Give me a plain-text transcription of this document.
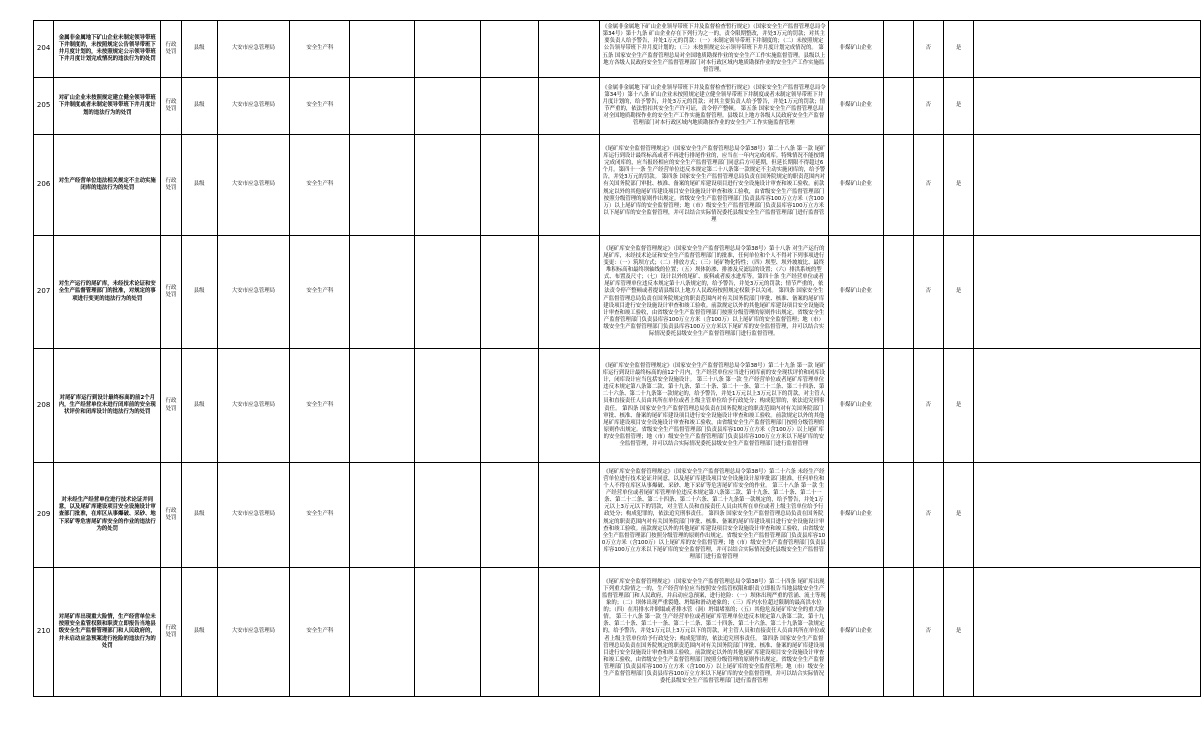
204	金属非金属地下矿山企业未制定领导带班下井制度的，未按照规定公告领导带班下井月度计划的，未按照规定公示领导带班下井月度计划完成情况的违法行为的处罚	行政处罚	县级	大安市应急管理局	安全生产科					《金属非金属地下矿山企业领导带班下井及监督检查暂行规定》（国家安全生产监督管理总局令第34号）第十九条 矿山企业存在下列行为之一的，责令限期整改，并处3万元的罚款；对其主要负责人给予警告，并处1万元的罚款：（一）未制定领导带班下井制度的；（二）未按照规定公告领导带班下井月度计划的；（三）未按照规定公示领导带班下井月度计划完成情况的。 第五条 国家安全生产监督管理总局对全国地质勘探作业的安全生产工作实施监督管理。县级以上地方各级人民政府安全生产监督管理部门对本行政区域内地质勘探作业的安全生产工作实施监督管理。	非煤矿山企业		否	是	
205	对矿山企业未按照规定建立健全领导带班下井制度或者未制定领导带班下井月度计划的违法行为的处罚	行政处罚	县级	大安市应急管理局	安全生产科					《金属非金属地下矿山企业领导带班下井及监督检查暂行规定》（国家安全生产监督管理总局令第34号）第十八条 矿山企业未按照规定建立健全领导带班下井制度或者未制定领导带班下井月度计划的，给予警告，并处3万元的罚款；对其主要负责人给予警告，并处1万元的罚款；情节严重的，依法暂扣其安全生产许可证，责令停产整顿。 第五条 国家安全生产监督管理总局对全国地质勘探作业的安全生产工作实施监督管理。县级以上地方各级人民政府安全生产监督管理部门对本行政区域内地质勘探作业的安全生产工作实施监督管理	非煤矿山企业		否	是	
206	对生产经营单位违法相关规定不主动实施闭库的违法行为的处罚	行政处罚	县级	大安市应急管理局	安全生产科					《尾矿库安全监督管理规定》（国家安全生产监督管理总局令第38号）第二十八条 第一款 尾矿库运行到设计最终标高或者不再进行排尾作业的，应当在一年内完成闭库。特殊情况不能按期完成闭库的，应当报经相应的安全生产监督管理部门同意后方可延期，但延长期限不得超过6个月。第四十一条 生产经营单位违反本规定第二十八条第一款规定不主动实施闭库的，给予警告，并处3万元的罚款。 第四条 国家安全生产监督管理总局负责在国务院规定的职责范围内对有关国务院部门审批、核准、备案的尾矿库建设项目进行安全设施设计审查和竣工验收。前款规定以外的其他尾矿库建设项目安全设施设计审查和竣工验收，由省级安全生产监督管理部门按照分级管理的原则作出规定。省级安全生产监督管理部门负责县库容100万立方米（含100万）以上尾矿库的安全监督管理；地（市）级安全生产监督管理部门负责县库容100万立方米以下尾矿库的安全监督管理，并可以结合实际情况委托县级安全生产监督管理部门进行监督管理	非煤矿山企业		否	是	
207	对生产运行的尾矿库，未经技术论证和安全生产监督管理部门的批准，对规定的事项进行变更的违法行为的处罚	行政处罚	县级	大安市应急管理局	安全生产科					《尾矿库安全监督管理规定》（国家安全生产监督管理总局令第38号）第十八条 对生产运行的尾矿库，未经技术论证和安全生产监督管理部门的批准，任何单位和个人不得对下列事项进行变更：（一）筑坝方式；（二）排放方式；（三）尾矿物化特性；（四）坝型、坝外坡坡比、最终堆积标高和最终坝轴线的位置；（五）坝体防渗、排渗及反滤层的设置；（六）排洪系统的型式、布置及尺寸；（七）设计以外的尾矿、废料或者废水进库等。第四十条 生产经营单位或者尾矿库管理单位违反本规定第十八条规定的，给予警告，并处3万元的罚款；情节严重的，依法责令停产整顿或者提请县级以上地方人民政府按照规定权限予以关闭。 第四条 国家安全生产监督管理总局负责在国务院规定的职责范围内对有关国务院部门审批、核准、备案的尾矿库建设项目进行安全设施设计审查和竣工验收。前款规定以外的其他尾矿库建设项目安全设施设计审查和竣工验收，由省级安全生产监督管理部门按照分级管理的原则作出规定。省级安全生产监督管理部门负责县库容100万立方米（含100万）以上尾矿库的安全监督管理；地（市）级安全生产监督管理部门负责县库容100万立方米以下尾矿库的安全监督管理，并可以结合实际情况委托县级安全生产监督管理部门进行监督管理。	非煤矿山企业		否	是	
208	对尾矿库运行到设计最终标高的前2个月内，生产经营单位未进行闭库前的安全现状评价和闭库设计的违法行为的处罚	行政处罚	县级	大安市应急管理局	安全生产科					《尾矿库安全监督管理规定》（国家安全生产监督管理总局令第38号）第二十九条 第一款 尾矿库运行到设计最终标高的前12个月内，生产经营单位应当进行闭库前的安全现状评价和闭库设计，闭库设计应当包括安全设施设计。 第三十八条 第一款 生产经营单位或者尾矿库管理单位违反本规定第八条第二款、第十九条、第二十条、第二十一条、第二十二条、第二十四条、第二十六条、第二十九条第一款规定的，给予警告，并处1万元以上3万元以下的罚款，对主管人员和直接责任人员由其所在单位或者上级主管单位给予行政处分；构成犯罪的，依法追究刑事责任。 第四条 国家安全生产监督管理总局负责在国务院规定的职责范围内对有关国务院部门审批、核准、备案的尾矿库建设项目进行安全设施设计审查和竣工验收。前款规定以外的其他尾矿库建设项目安全设施设计审查和竣工验收，由省级安全生产监督管理部门按照分级管理的原则作出规定。省级安全生产监督管理部门负责县库容100万立方米（含100万）以上尾矿库的安全监督管理；地（市）级安全生产监督管理部门负责县库容100万立方米以下尾矿库的安全监督管理，并可以结合实际情况委托县级安全生产监督管理部门进行监督管理	非煤矿山企业		否	是	
209	对未经生产经营单位进行技术论证并同意，以及尾矿库建设项目安全设施设计审查部门批准，在库区从事爆破、采砂、地下采矿等危害尾矿库安全的作业的违法行为的处罚	行政处罚	县级	大安市应急管理局	安全生产科					《尾矿库安全监督管理规定》（国家安全生产监督管理总局令第38号）第二十六条 未经生产经营单位进行技术论证并同意，以及尾矿库建设项目安全设施设计原审批部门批准，任何单位和个人不得在库区从事爆破、采砂、地下采矿等危害尾矿库安全的作业。 第三十八条 第一款 生产经营单位或者尾矿库管理单位违反本规定第八条第二款、第十九条、第二十条、第二十一条、第二十二条、第二十四条、第二十六条、第二十九条第一款规定的，给予警告，并处1万元以上3万元以下的罚款，对主管人员和直接责任人员由其所在单位或者上级主管单位给予行政处分；构成犯罪的，依法追究刑事责任。 第四条 国家安全生产监督管理总局负责在国务院规定的职责范围内对有关国务院部门审批、核准、备案的尾矿库建设项目进行安全设施设计审查和竣工验收。前款规定以外的其他尾矿库建设项目安全设施设计审查和竣工验收，由省级安全生产监督管理部门按照分级管理的原则作出规定。省级安全生产监督管理部门负责县库容100万立方米（含100万）以上尾矿库的安全监督管理；地（市）级安全生产监督管理部门负责县库容100万立方米以下尾矿库的安全监督管理，并可以结合实际情况委托县级安全生产监督管理部门进行监督管理	非煤矿山企业		否	是	
210	对尾矿库出现重大险情，生产经营单位未按照安全监管权限和职责立即报告当地县级安全生产监督管理部门和人民政府的，并未启动应急预案进行抢险的违法行为的处罚	行政处罚	县级	大安市应急管理局	安全生产科					《尾矿库安全监督管理规定》（国家安全生产监督管理总局令第38号）第二十四条 尾矿库出现下列重大险情之一的，生产经营单位应当按照安全监管权限和职责立即报告当地县级安全生产监督管理部门和人民政府，并启动应急预案，进行抢险：（一）坝体出现严重的管涌、流土等现象的；（二）坝体出现严重裂缝、坍塌和滑动迹象的；（三）库内水位超过限制的最高洪水位的；（四）在用排水井倒塌或者排水管（洞）坍塌堵塞的；（五）其他危及尾矿库安全的重大险情。 第三十八条 第一款 生产经营单位或者尾矿库管理单位违反本规定第八条第二款、第十九条、第二十条、第二十一条、第二十二条、第二十四条、第二十六条、第二十九条第一款规定的，给予警告，并处1万元以上3万元以下的罚款，对主管人员和直接责任人员由其所在单位或者上级主管单位给予行政处分；构成犯罪的，依法追究刑事责任。 第四条 国家安全生产监督管理总局负责在国务院规定的职责范围内对有关国务院部门审批、核准、备案的尾矿库建设项目进行安全设施设计审查和竣工验收。前款规定以外的其他尾矿库建设项目安全设施设计审查和竣工验收，由省级安全生产监督管理部门按照分级管理的原则作出规定。省级安全生产监督管理部门负责县库容100万立方米（含100万）以上尾矿库的安全监督管理；地（市）级安全生产监督管理部门负责县库容100万立方米以下尾矿库的安全监督管理，并可以结合实际情况委托县级安全生产监督管理部门进行监督管理	非煤矿山企业		否	是	
